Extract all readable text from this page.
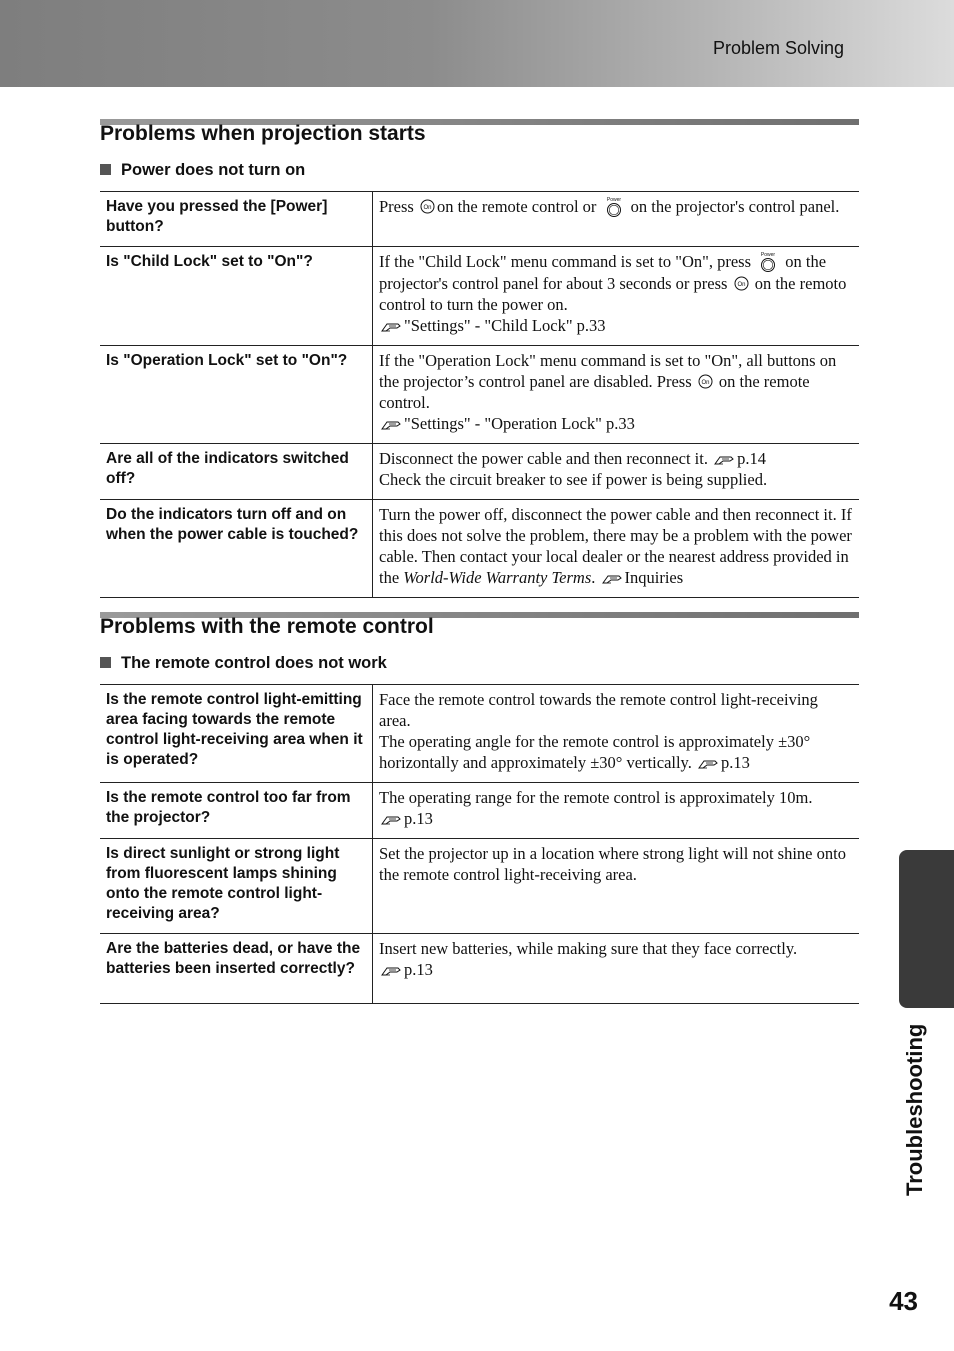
Problem Solving
Problems when projection starts
Power does not turn on
Have you pressed the [Power] button?	Press on the remote control or  on the projector's control panel.
Is "Child Lock" set to "On"?	If the "Child Lock" menu command is set to "On", press  on the projector's control panel for about 3 seconds or press  on the remoto control to turn the power on.
"Settings" - "Child Lock" p.33
Is "Operation Lock" set to "On"?	If the "Operation Lock" menu command is set to "On", all buttons on the projector’s control panel are disabled. Press  on the remote control.
"Settings" - "Operation Lock" p.33
Are all of the indicators switched off?	Disconnect the power cable and then reconnect it. p.14
Check the circuit breaker to see if power is being supplied.
Do the indicators turn off and on when the power cable is touched?	Turn the power off, disconnect the power cable and then reconnect it. If this does not solve the problem, there may be a problem with the power cable. Then contact your local dealer or the nearest address provided in the World-Wide Warranty Terms. Inquiries
Problems with the remote control
The remote control does not work
Is the remote control light-emitting area facing towards the remote control light-receiving area when it is operated?	Face the remote control towards the remote control light-receiving area.
The operating angle for the remote control is approximately ±30° horizontally and approximately ±30° vertically. p.13
Is the remote control too far from the projector?	The operating range for the remote control is approximately 10m.
p.13
Is direct sunlight or strong light from fluorescent lamps shining onto the remote control light-receiving area?	Set the projector up in a location where strong light will not shine onto the remote control light-receiving area.
Are the batteries dead, or have the batteries been inserted correctly?	Insert new batteries, while making sure that they face correctly.
p.13
Troubleshooting
43
